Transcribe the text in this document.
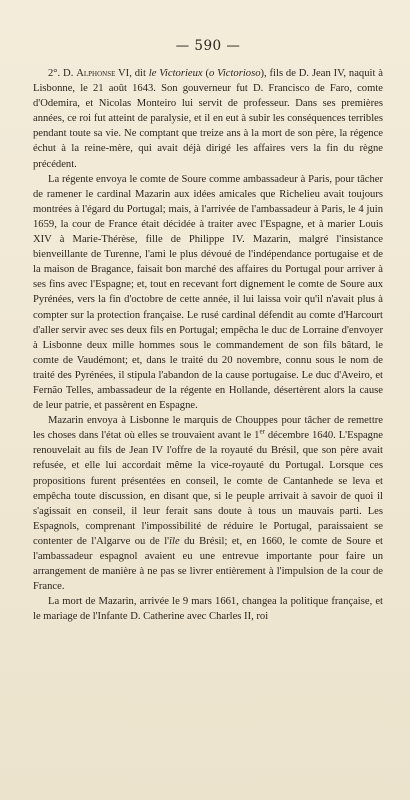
— 590 —

2°. D. Alphonse VI, dit le Victorieux (o Victorioso), fils de D. Jean IV, naquit à Lisbonne, le 21 août 1643. Son gouverneur fut D. Francisco de Faro, comte d'Odemira, et Nicolas Monteiro lui servit de professeur. Dans ses premières années, ce roi fut atteint de paralysie, et il en eut à subir les conséquences terribles pendant toute sa vie. Ne comptant que treize ans à la mort de son père, la régence échut à la reine-mère, qui avait déjà dirigé les affaires vers la fin du règne précédent.

La régente envoya le comte de Soure comme ambassadeur à Paris, pour tâcher de ramener le cardinal Mazarin aux idées amicales que Richelieu avait toujours montrées à l'égard du Portugal; mais, à l'arrivée de l'ambassadeur à Paris, le 4 juin 1659, la cour de France était décidée à traiter avec l'Espagne, et à marier Louis XIV à Marie-Thérèse, fille de Philippe IV. Mazarin, malgré l'insistance bienveillante de Turenne, l'ami le plus dévoué de l'indépendance portugaise et de la maison de Bragance, faisait bon marché des affaires du Portugal pour arriver à ses fins avec l'Espagne; et, tout en recevant fort dignement le comte de Soure aux Pyrénées, vers la fin d'octobre de cette année, il lui laissa voir qu'il n'avait plus à compter sur la protection française. Le rusé cardinal défendit au comte d'Harcourt d'aller servir avec ses deux fils en Portugal; empêcha le duc de Lorraine d'envoyer à Lisbonne deux mille hommes sous le commandement de son fils bâtard, le comte de Vaudémont; et, dans le traité du 20 novembre, connu sous le nom de traité des Pyrénées, il stipula l'abandon de la cause portugaise. Le duc d'Aveiro, et Fernão Telles, ambassadeur de la régente en Hollande, désertèrent alors la cause de leur patrie, et passèrent en Espagne.

Mazarin envoya à Lisbonne le marquis de Chouppes pour tâcher de remettre les choses dans l'état où elles se trouvaient avant le 1er décembre 1640. L'Espagne renouvelait au fils de Jean IV l'offre de la royauté du Brésil, que son père avait refusée, et elle lui accordait même la vice-royauté du Portugal. Lorsque ces propositions furent présentées en conseil, le comte de Cantanhede se leva et empêcha toute discussion, en disant que, si le peuple arrivait à savoir de quoi il s'agissait en conseil, il leur ferait sans doute à tous un mauvais parti. Les Espagnols, comprenant l'impossibilité de réduire le Portugal, paraissaient se contenter de l'Algarve ou de l'île du Brésil; et, en 1660, le comte de Soure et l'ambassadeur espagnol avaient eu une entrevue importante pour faire un arrangement de manière à ne pas se livrer entièrement à l'impulsion de la cour de France.

La mort de Mazarin, arrivée le 9 mars 1661, changea la politique française, et le mariage de l'Infante D. Catherine avec Charles II, roi
